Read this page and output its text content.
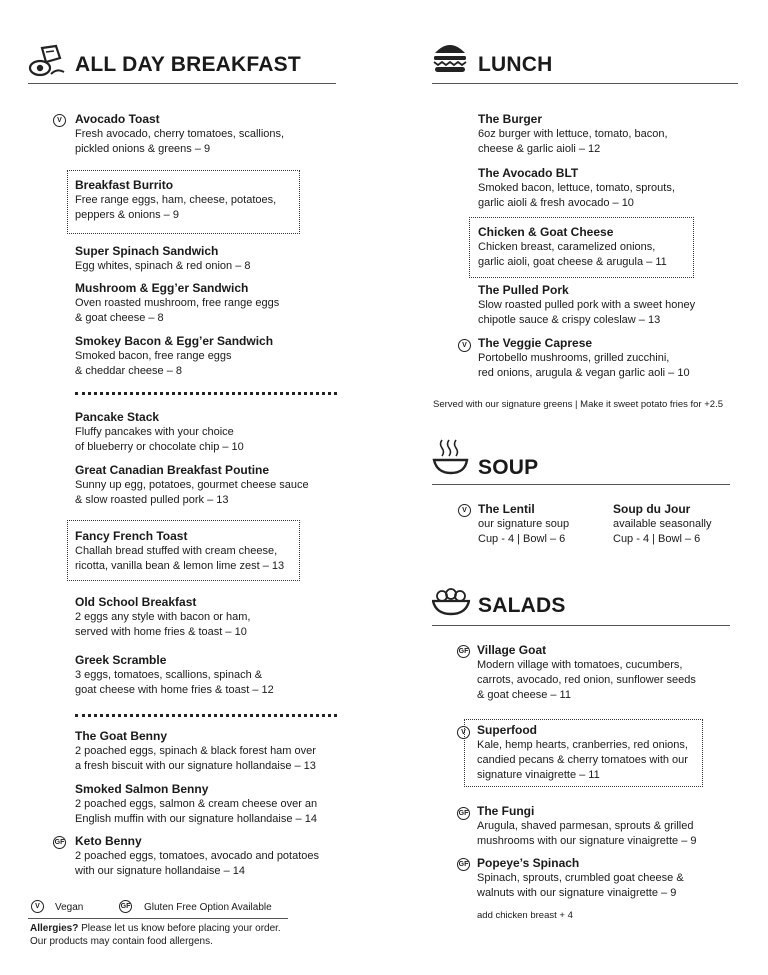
ALL DAY BREAKFAST
V	Avocado Toast
Fresh avocado, cherry tomatoes, scallions,
pickled onions & greens – 9
Breakfast Burrito
Free range eggs, ham, cheese, potatoes,
peppers & onions – 9
Super Spinach Sandwich
Egg whites, spinach & red onion – 8
Mushroom & Egg’er Sandwich
Oven roasted mushroom, free range eggs
& goat cheese – 8
Smokey Bacon & Egg’er Sandwich
Smoked bacon, free range eggs
& cheddar cheese – 8
Pancake Stack
Fluffy pancakes with your choice
of blueberry or chocolate chip – 10
Great Canadian Breakfast Poutine
Sunny up egg, potatoes, gourmet cheese sauce
& slow roasted pulled pork – 13
Fancy French Toast
Challah bread stuffed with cream cheese,
ricotta, vanilla bean & lemon lime zest – 13
Old School Breakfast
2 eggs any style with bacon or ham,
served with home fries & toast – 10
Greek Scramble
3 eggs, tomatoes, scallions, spinach &
goat cheese with home fries & toast – 12
The Goat Benny
2 poached eggs, spinach & black forest ham over
a fresh biscuit with our signature hollandaise – 13
Smoked Salmon Benny
2 poached eggs, salmon & cream cheese over an
English muffin with our signature hollandaise – 14
GF Keto Benny
2 poached eggs, tomatoes, avocado and potatoes
with our signature hollandaise – 14
V	Vegan	GF Gluten Free Option Available
Allergies? Please let us know before placing your order.
Our products may contain food allergens.
LUNCH
The Burger
6oz burger with lettuce, tomato, bacon,
cheese & garlic aioli – 12
The Avocado BLT
Smoked bacon, lettuce, tomato, sprouts,
garlic aioli & fresh avocado – 10
Chicken & Goat Cheese
Chicken breast, caramelized onions,
garlic aioli, goat cheese & arugula – 11
The Pulled Pork
Slow roasted pulled pork with a sweet honey
chipotle sauce & crispy coleslaw – 13
V The Veggie Caprese
Portobello mushrooms, grilled zucchini,
red onions, arugula & vegan garlic aoli – 10
Served with our signature greens | Make it sweet potato fries for +2.5
SOUP
V The Lentil
our signature soup
Cup - 4 | Bowl – 6
Soup du Jour
available seasonally
Cup - 4 | Bowl – 6
SALADS
GF Village Goat
Modern village with tomatoes, cucumbers,
carrots, avocado, red onion, sunflower seeds
& goat cheese – 11
V Superfood
Kale, hemp hearts, cranberries, red onions,
candied pecans & cherry tomatoes with our
signature vinaigrette – 11
GF The Fungi
Arugula, shaved parmesan, sprouts & grilled
mushrooms with our signature vinaigrette – 9
GF Popeye’s Spinach
Spinach, sprouts, crumbled goat cheese &
walnuts with our signature vinaigrette – 9
add chicken breast + 4
